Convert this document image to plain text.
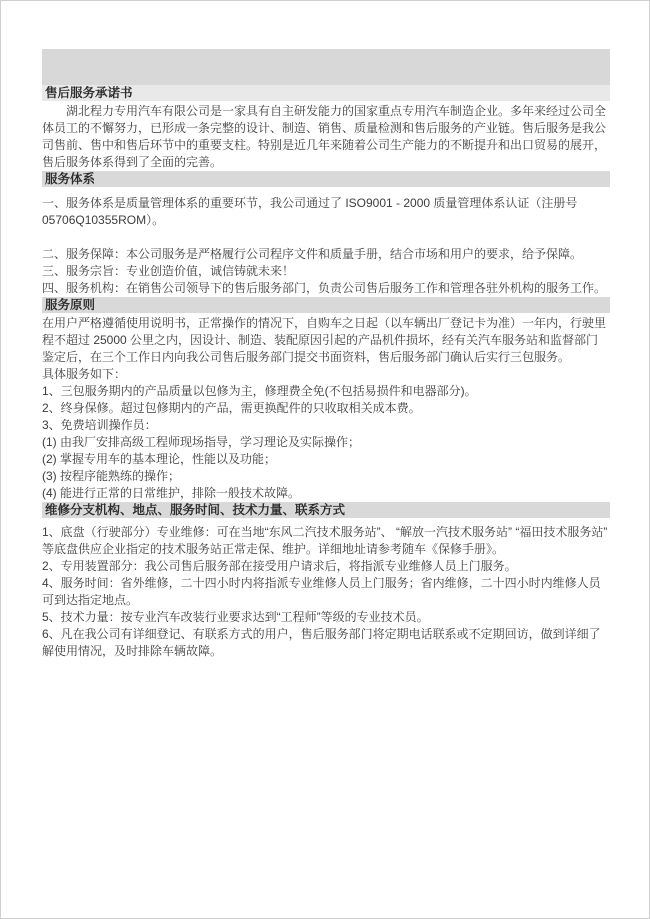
售后服务承诺书

湖北程力专用汽车有限公司是一家具有自主研发能力的国家重点专用汽车制造企业。多年来经过公司全体员工的不懈努力，已形成一条完整的设计、制造、销售、质量检测和售后服务的产业链。售后服务是我公司售前、售中和售后环节中的重要支柱。特别是近几年来随着公司生产能力的不断提升和出口贸易的展开，售后服务体系得到了全面的完善。

服务体系
一、服务体系是质量管理体系的重要环节，我公司通过了 ISO9001 - 2000 质量管理体系认证（注册号 05706Q10355ROM）。
二、服务保障：本公司服务是严格履行公司程序文件和质量手册，结合市场和用户的要求，给予保障。
三、服务宗旨：专业创造价值，诚信铸就未来！
四、服务机构：在销售公司领导下的售后服务部门，负责公司售后服务工作和管理各驻外机构的服务工作。
服务原则
在用户严格遵循使用说明书，正常操作的情况下，自购车之日起（以车辆出厂登记卡为准）一年内，行驶里程不超过 25000 公里之内，因设计、制造、装配原因引起的产品机件损坏，经有关汽车服务站和监督部门鉴定后，在三个工作日内向我公司售后服务部门提交书面资料，售后服务部门确认后实行三包服务。
具体服务如下：
1、三包服务期内的产品质量以包修为主，修理费全免(不包括易损件和电器部分)。
2、终身保修。超过包修期内的产品，需更换配件的只收取相关成本费。
3、免费培训操作员：
(1) 由我厂安排高级工程师现场指导，学习理论及实际操作；
(2) 掌握专用车的基本理论，性能以及功能；
(3) 按程序能熟练的操作；
(4) 能进行正常的日常维护，排除一般技术故障。
维修分支机构、地点、服务时间、技术力量、联系方式
1、底盘（行驶部分）专业维修：可在当地“东风二汽技术服务站”、 “解放一汽技术服务站” “福田技术服务站” 等底盘供应企业指定的技术服务站正常走保、维护。详细地址请参考随车《保修手册》。
2、专用装置部分：我公司售后服务部在接受用户请求后，将指派专业维修人员上门服务。
4、服务时间：省外维修，二十四小时内将指派专业维修人员上门服务；省内维修，二十四小时内维修人员可到达指定地点。
5、技术力量：按专业汽车改装行业要求达到“工程师”等级的专业技术员。
6、凡在我公司有详细登记、有联系方式的用户，售后服务部门将定期电话联系或不定期回访，做到详细了解使用情况，及时排除车辆故障。
